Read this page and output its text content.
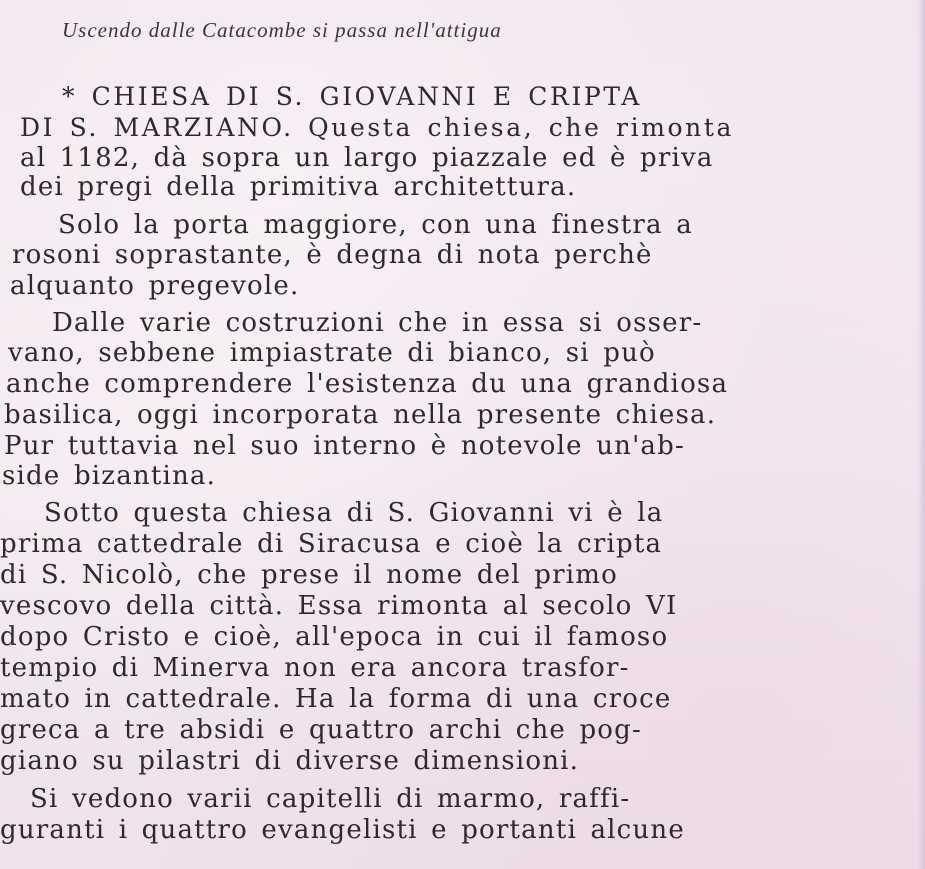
Uscendo dalle Catacombe si passa nell'attigua
* CHIESA DI S. GIOVANNI E CRIPTA
DI S. MARZIANO. Questa chiesa, che rimonta
al 1182, dà sopra un largo piazzale ed è priva
dei pregi della primitiva architettura.
Solo la porta maggiore, con una finestra a
rosoni soprastante, è degna di nota perchè
alquanto pregevole.
Dalle varie costruzioni che in essa si osser-
vano, sebbene impiastrate di bianco, si può
anche comprendere l'esistenza du una grandiosa
basilica, oggi incorporata nella presente chiesa.
Pur tuttavia nel suo interno è notevole un'ab-
side bizantina.
Sotto questa chiesa di S. Giovanni vi è la
prima cattedrale di Siracusa e cioè la cripta
di S. Nicolò, che prese il nome del primo
vescovo della città. Essa rimonta al secolo VI
dopo Cristo e cioè, all'epoca in cui il famoso
tempio di Minerva non era ancora trasfor-
mato in cattedrale. Ha la forma di una croce
greca a tre absidi e quattro archi che pog-
giano su pilastri di diverse dimensioni.
Si vedono varii capitelli di marmo, raffi-
guranti i quattro evangelisti e portanti alcune
